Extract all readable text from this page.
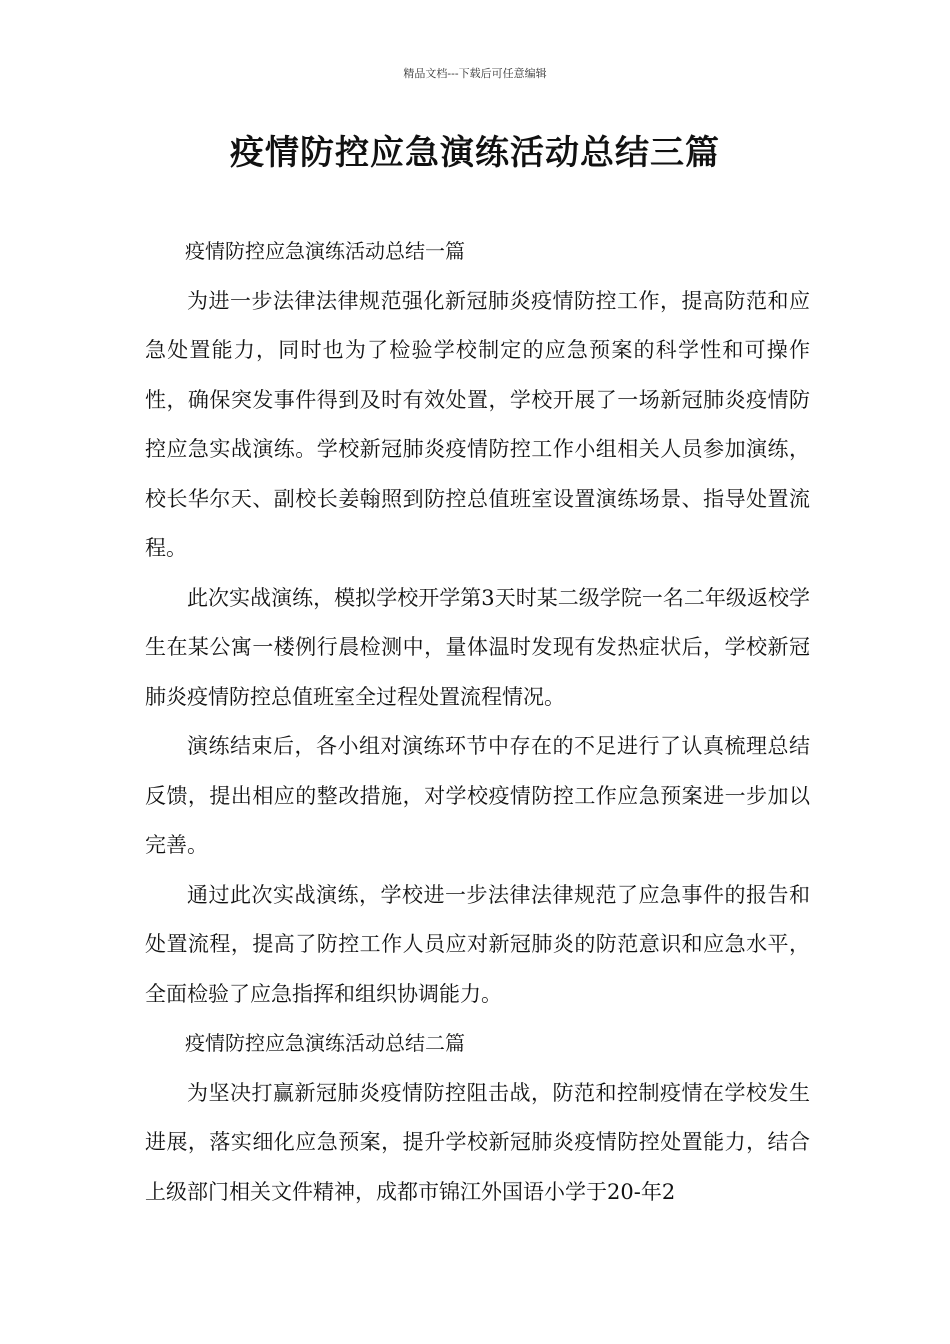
精品文档---下载后可任意编辑
疫情防控应急演练活动总结三篇

疫情防控应急演练活动总结一篇

为进一步法律法律规范强化新冠肺炎疫情防控工作，提高防范和应急处置能力，同时也为了检验学校制定的应急预案的科学性和可操作性，确保突发事件得到及时有效处置，学校开展了一场新冠肺炎疫情防控应急实战演练。学校新冠肺炎疫情防控工作小组相关人员参加演练，校长华尔天、副校长姜翰照到防控总值班室设置演练场景、指导处置流程。

此次实战演练，模拟学校开学第3天时某二级学院一名二年级返校学生在某公寓一楼例行晨检测中，量体温时发现有发热症状后，学校新冠肺炎疫情防控总值班室全过程处置流程情况。

演练结束后，各小组对演练环节中存在的不足进行了认真梳理总结反馈，提出相应的整改措施，对学校疫情防控工作应急预案进一步加以完善。

通过此次实战演练，学校进一步法律法律规范了应急事件的报告和处置流程，提高了防控工作人员应对新冠肺炎的防范意识和应急水平，全面检验了应急指挥和组织协调能力。

疫情防控应急演练活动总结二篇

为坚决打赢新冠肺炎疫情防控阻击战，防范和控制疫情在学校发生进展，落实细化应急预案，提升学校新冠肺炎疫情防控处置能力，结合上级部门相关文件精神，成都市锦江外国语小学于20-年2
